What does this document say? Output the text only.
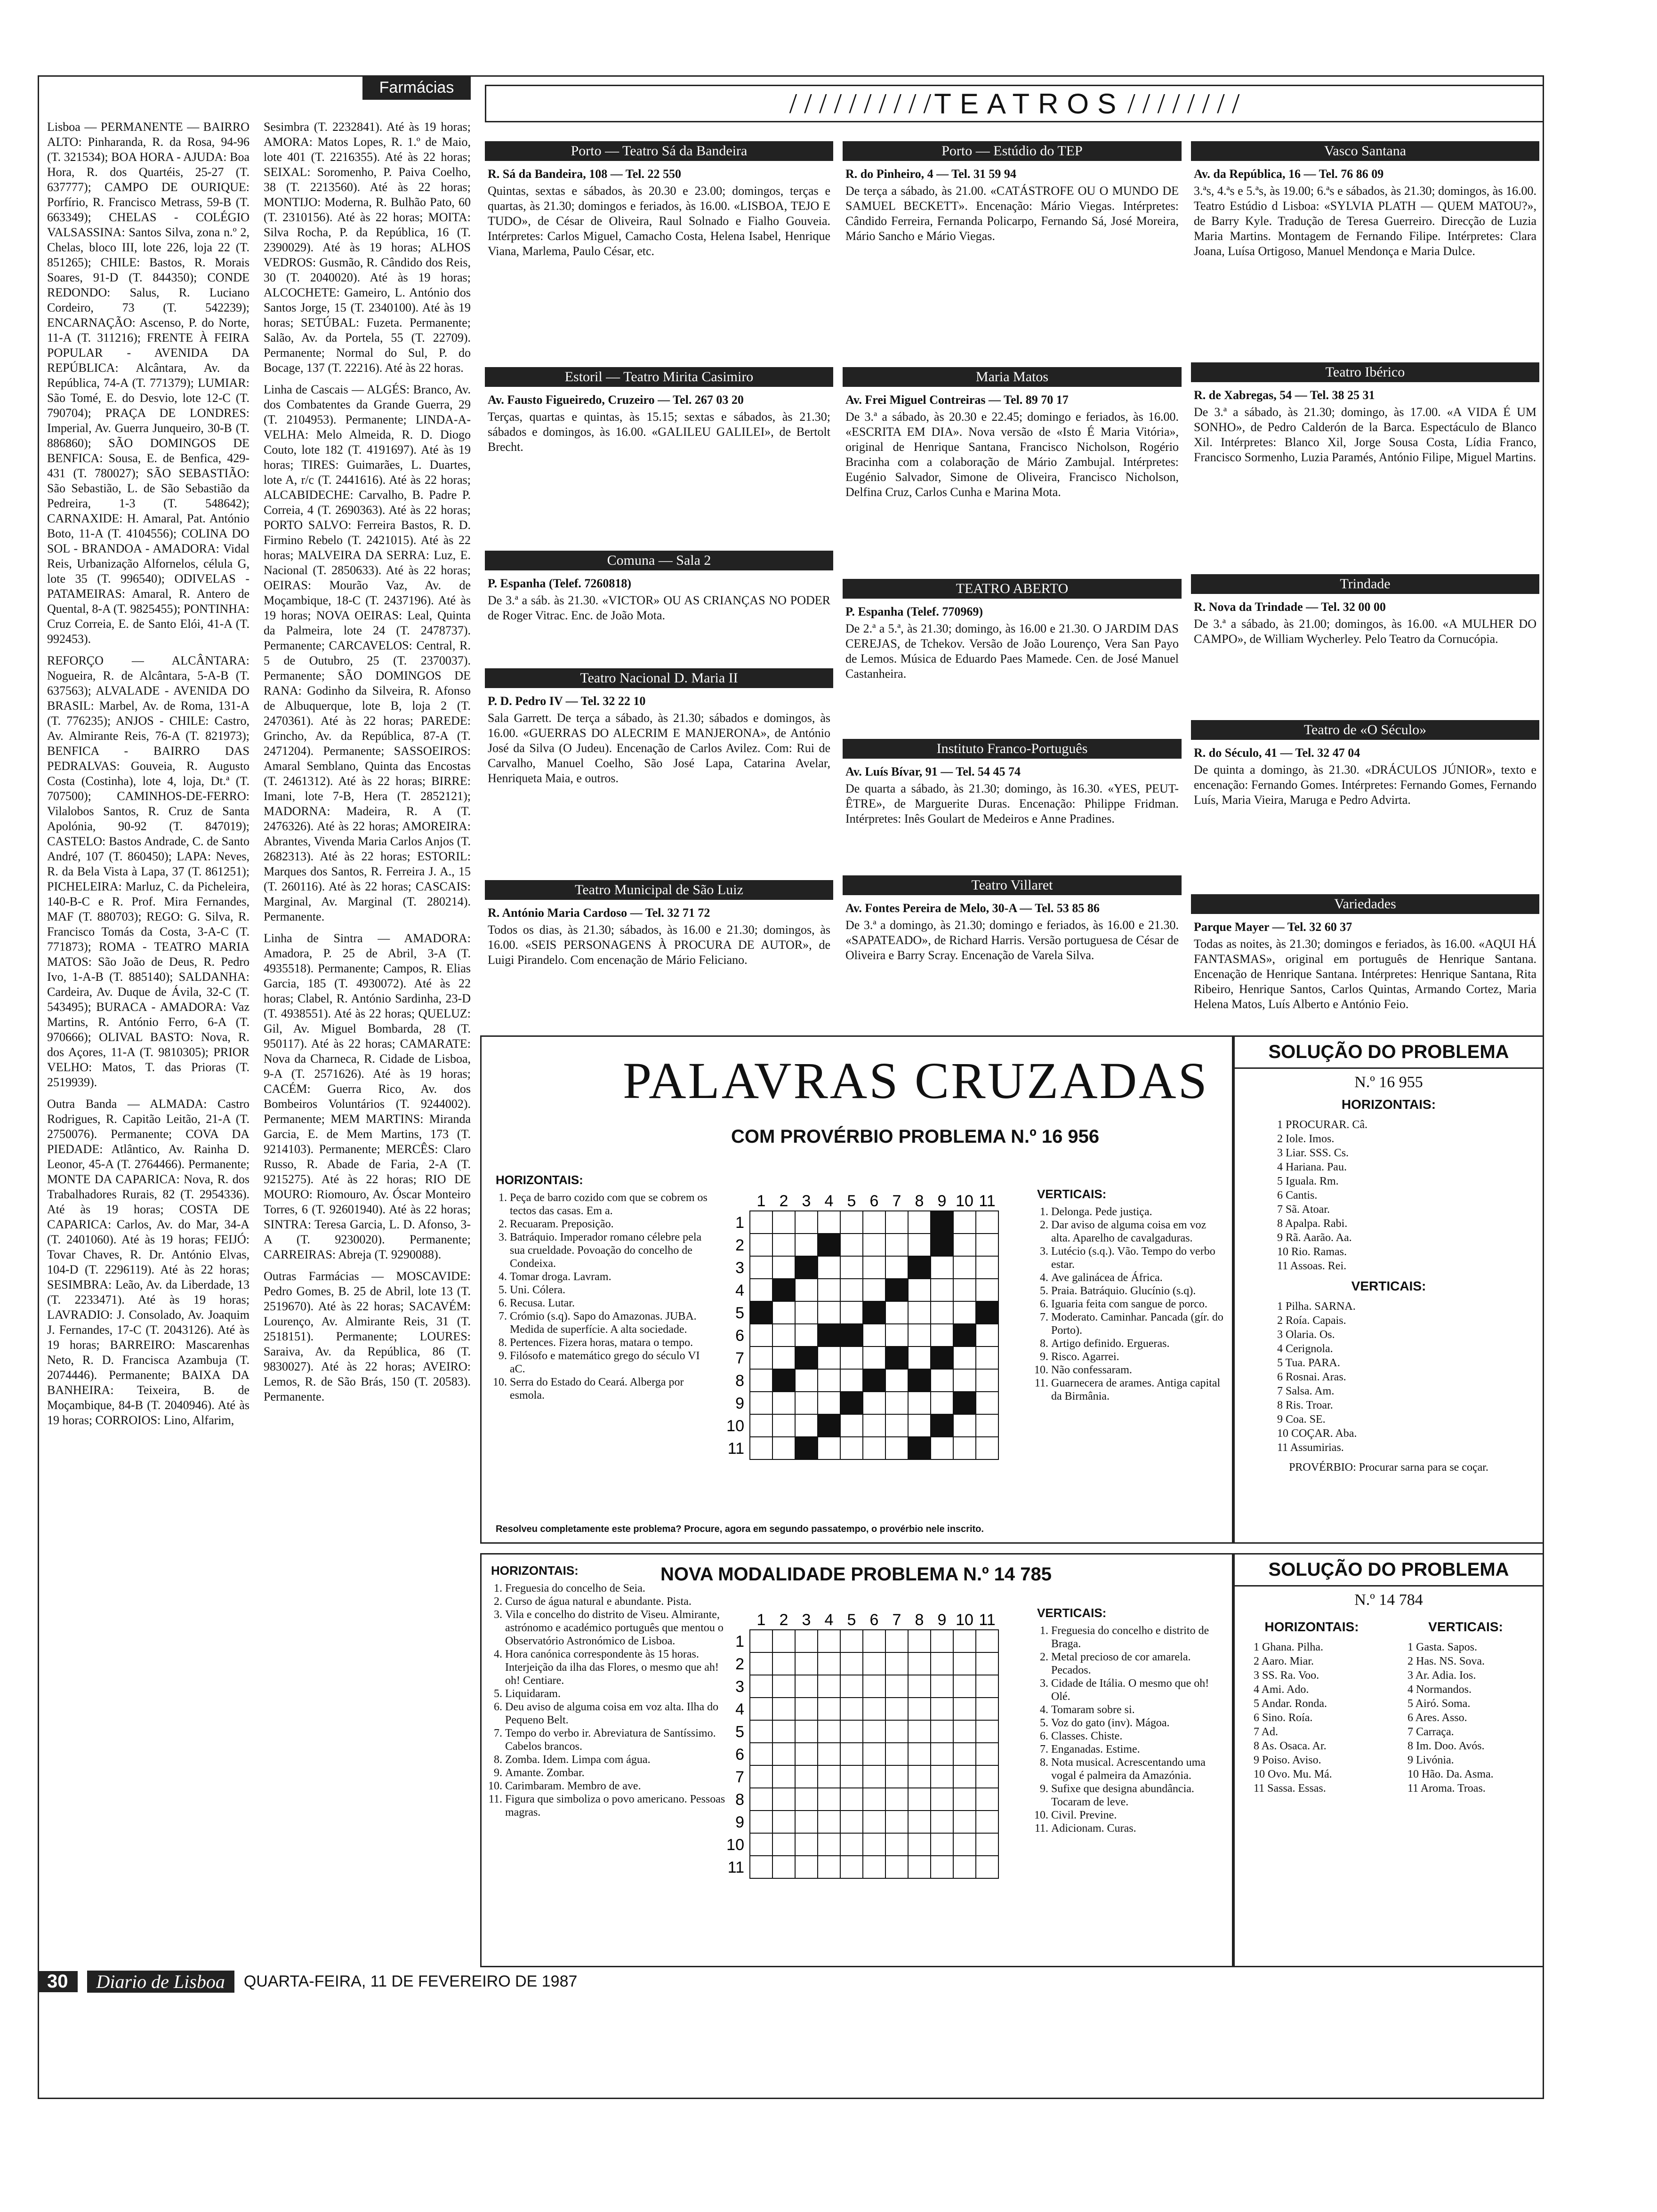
Farmácias

Lisboa — PERMANENTE — BAIRRO ALTO: Pinharanda, R. da Rosa, 94-96 (T. 321534); BOA HORA - AJUDA: Boa Hora, R. dos Quartéis, 25-27 (T. 637777); CAMPO DE OURIQUE: Porfírio, R. Francisco Metrass, 59-B (T. 663349); CHELAS - COLÉGIO VALSASSINA: Santos Silva, zona n.º 2, Chelas, bloco III, lote 226, loja 22 (T. 851265); CHILE: Bastos, R. Morais Soares, 91-D (T. 844350); CONDE REDONDO: Salus, R. Luciano Cordeiro, 73 (T. 542239); ENCARNAÇÃO: Ascenso, P. do Norte, 11-A (T. 311216); FRENTE À FEIRA POPULAR - AVENIDA DA REPÚBLICA: Alcântara, Av. da República, 74-A (T. 771379); LUMIAR: São Tomé, E. do Desvio, lote 12-C (T. 790704); PRAÇA DE LONDRES: Imperial, Av. Guerra Junqueiro, 30-B (T. 886860); SÃO DOMINGOS DE BENFICA: Sousa, E. de Benfica, 429-431 (T. 780027); SÃO SEBASTIÃO: São Sebastião, L. de São Sebastião da Pedreira, 1-3 (T. 548642); CARNAXIDE: H. Amaral, Pat. António Boto, 11-A (T. 4104556); COLINA DO SOL - BRANDOA - AMADORA: Vidal Reis, Urbanização Alfornelos, célula G, lote 35 (T. 996540); ODIVELAS - PATAMEIRAS: Amaral, R. Antero de Quental, 8-A (T. 9825455); PONTINHA: Cruz Correia, E. de Santo Elói, 41-A (T. 992453).

REFORÇO — ALCÂNTARA: Nogueira, R. de Alcântara, 5-A-B (T. 637563); ALVALADE - AVENIDA DO BRASIL: Marbel, Av. de Roma, 131-A (T. 776235); ANJOS - CHILE: Castro, Av. Almirante Reis, 76-A (T. 821973); BENFICA - BAIRRO DAS PEDRALVAS: Gouveia, R. Augusto Costa (Costinha), lote 4, loja, Dt.ª (T. 707500); CAMINHOS-DE-FERRO: Vilalobos Santos, R. Cruz de Santa Apolónia, 90-92 (T. 847019); CASTELO: Bastos Andrade, C. de Santo André, 107 (T. 860450); LAPA: Neves, R. da Bela Vista à Lapa, 37 (T. 861251); PICHELEIRA: Marluz, C. da Picheleira, 140-B-C e R. Prof. Mira Fernandes, MAF (T. 880703); REGO: G. Silva, R. Francisco Tomás da Costa, 3-A-C (T. 771873); ROMA - TEATRO MARIA MATOS: São João de Deus, R. Pedro Ivo, 1-A-B (T. 885140); SALDANHA: Cardeira, Av. Duque de Ávila, 32-C (T. 543495); BURACA - AMADORA: Vaz Martins, R. António Ferro, 6-A (T. 970666); OLIVAL BASTO: Nova, R. dos Açores, 11-A (T. 9810305); PRIOR VELHO: Matos, T. das Prioras (T. 2519939).

Outra Banda — ALMADA: Castro Rodrigues, R. Capitão Leitão, 21-A (T. 2750076). Permanente; COVA DA PIEDADE: Atlântico, Av. Rainha D. Leonor, 45-A (T. 2764466). Permanente; MONTE DA CAPARICA: Nova, R. dos Trabalhadores Rurais, 82 (T. 2954336). Até às 19 horas; COSTA DE CAPARICA: Carlos, Av. do Mar, 34-A (T. 2401060). Até às 19 horas; FEIJÓ: Tovar Chaves, R. Dr. António Elvas, 104-D (T. 2296119). Até às 22 horas; SESIMBRA: Leão, Av. da Liberdade, 13 (T. 2233471). Até às 19 horas; LAVRADIO: J. Consolado, Av. Joaquim J. Fernandes, 17-C (T. 2043126). Até às 19 horas; BARREIRO: Mascarenhas Neto, R. D. Francisca Azambuja (T. 2074446). Permanente; BAIXA DA BANHEIRA: Teixeira, B. de Moçambique, 84-B (T. 2040946). Até às 19 horas; CORROIOS: Lino, Alfarim,

Sesimbra (T. 2232841). Até às 19 horas; AMORA: Matos Lopes, R. 1.º de Maio, lote 401 (T. 2216355). Até às 22 horas; SEIXAL: Soromenho, P. Paiva Coelho, 38 (T. 2213560). Até às 22 horas; MONTIJO: Moderna, R. Bulhão Pato, 60 (T. 2310156). Até às 22 horas; MOITA: Silva Rocha, P. da República, 16 (T. 2390029). Até às 19 horas; ALHOS VEDROS: Gusmão, R. Cândido dos Reis, 30 (T. 2040020). Até às 19 horas; ALCOCHETE: Gameiro, L. António dos Santos Jorge, 15 (T. 2340100). Até às 19 horas; SETÚBAL: Fuzeta. Permanente; Salão, Av. da Portela, 55 (T. 22709). Permanente; Normal do Sul, P. do Bocage, 137 (T. 22216). Até às 22 horas.

Linha de Cascais — ALGÉS: Branco, Av. dos Combatentes da Grande Guerra, 29 (T. 2104953). Permanente; LINDA-A-VELHA: Melo Almeida, R. D. Diogo Couto, lote 182 (T. 4191697). Até às 19 horas; TIRES: Guimarães, L. Duartes, lote A, r/c (T. 2441616). Até às 22 horas; ALCABIDECHE: Carvalho, B. Padre P. Correia, 4 (T. 2690363). Até às 22 horas; PORTO SALVO: Ferreira Bastos, R. D. Firmino Rebelo (T. 2421015). Até às 22 horas; MALVEIRA DA SERRA: Luz, E. Nacional (T. 2850633). Até às 22 horas; OEIRAS: Mourão Vaz, Av. de Moçambique, 18-C (T. 2437196). Até às 19 horas; NOVA OEIRAS: Leal, Quinta da Palmeira, lote 24 (T. 2478737). Permanente; CARCAVELOS: Central, R. 5 de Outubro, 25 (T. 2370037). Permanente; SÃO DOMINGOS DE RANA: Godinho da Silveira, R. Afonso de Albuquerque, lote B, loja 2 (T. 2470361). Até às 22 horas; PAREDE: Grincho, Av. da República, 87-A (T. 2471204). Permanente; SASSOEIROS: Amaral Semblano, Quinta das Encostas (T. 2461312). Até às 22 horas; BIRRE: Imani, lote 7-B, Hera (T. 2852121); MADORNA: Madeira, R. A (T. 2476326). Até às 22 horas; AMOREIRA: Abrantes, Vivenda Maria Carlos Anjos (T. 2682313). Até às 22 horas; ESTORIL: Marques dos Santos, R. Ferreira J. A., 15 (T. 260116). Até às 22 horas; CASCAIS: Marginal, Av. Marginal (T. 280214). Permanente.

Linha de Sintra — AMADORA: Amadora, P. 25 de Abril, 3-A (T. 4935518). Permanente; Campos, R. Elias Garcia, 185 (T. 4930072). Até às 22 horas; Clabel, R. António Sardinha, 23-D (T. 4938551). Até às 22 horas; QUELUZ: Gil, Av. Miguel Bombarda, 28 (T. 950117). Até às 22 horas; CAMARATE: Nova da Charneca, R. Cidade de Lisboa, 9-A (T. 2571626). Até às 19 horas; CACÉM: Guerra Rico, Av. dos Bombeiros Voluntários (T. 9244002). Permanente; MEM MARTINS: Miranda Garcia, E. de Mem Martins, 173 (T. 9214103). Permanente; MERCÊS: Claro Russo, R. Abade de Faria, 2-A (T. 9215275). Até às 22 horas; RIO DE MOURO: Riomouro, Av. Óscar Monteiro Torres, 6 (T. 92601940). Até às 22 horas; SINTRA: Teresa Garcia, L. D. Afonso, 3-A (T. 9230020). Permanente; CARREIRAS: Abreja (T. 9290088).

Outras Farmácias — MOSCAVIDE: Pedro Gomes, B. 25 de Abril, lote 13 (T. 2519670). Até às 22 horas; SACAVÉM: Lourenço, Av. Almirante Reis, 31 (T. 2518151). Permanente; LOURES: Saraiva, Av. da República, 86 (T. 9830027). Até às 22 horas; AVEIRO: Lemos, R. de São Brás, 150 (T. 20583). Permanente.

/ / / / / / / / / / TEATROS / / / / / / / /
Porto — Teatro Sá da Bandeira
R. Sá da Bandeira, 108 — Tel. 22 550
Quintas, sextas e sábados, às 20.30 e 23.00; domingos, terças e quartas, às 21.30; domingos e feriados, às 16.00. «LISBOA, TEJO E TUDO», de César de Oliveira, Raul Solnado e Fialho Gouveia. Intérpretes: Carlos Miguel, Camacho Costa, Helena Isabel, Henrique Viana, Marlema, Paulo César, etc.
Porto — Estúdio do TEP
R. do Pinheiro, 4 — Tel. 31 59 94
De terça a sábado, às 21.00. «CATÁSTROFE OU O MUNDO DE SAMUEL BECKETT». Encenação: Mário Viegas. Intérpretes: Cândido Ferreira, Fernanda Policarpo, Fernando Sá, José Moreira, Mário Sancho e Mário Viegas.
Vasco Santana
Av. da República, 16 — Tel. 76 86 09
3.ªs, 4.ªs e 5.ªs, às 19.00; 6.ªs e sábados, às 21.30; domingos, às 16.00. Teatro Estúdio d Lisboa: «SYLVIA PLATH — QUEM MATOU?», de Barry Kyle. Tradução de Teresa Guerreiro. Direcção de Luzia Maria Martins. Montagem de Fernando Filipe. Intérpretes: Clara Joana, Luísa Ortigoso, Manuel Mendonça e Maria Dulce.
Maria Matos
Av. Frei Miguel Contreiras — Tel. 89 70 17
De 3.ª a sábado, às 20.30 e 22.45; domingo e feriados, às 16.00. «ESCRITA EM DIA». Nova versão de «Isto É Maria Vitória», original de Henrique Santana, Francisco Nicholson, Rogério Bracinha com a colaboração de Mário Zambujal. Intérpretes: Eugénio Salvador, Simone de Oliveira, Francisco Nicholson, Delfina Cruz, Carlos Cunha e Marina Mota.
Teatro Ibérico
R. de Xabregas, 54 — Tel. 38 25 31
De 3.ª a sábado, às 21.30; domingo, às 17.00. «A VIDA É UM SONHO», de Pedro Calderón de la Barca. Espectáculo de Blanco Xil. Intérpretes: Blanco Xil, Jorge Sousa Costa, Lídia Franco, Francisco Sormenho, Luzia Paramés, António Filipe, Miguel Martins.
Estoril — Teatro Mirita Casimiro
Av. Fausto Figueiredo, Cruzeiro — Tel. 267 03 20
Terças, quartas e quintas, às 15.15; sextas e sábados, às 21.30; sábados e domingos, às 16.00. «GALILEU GALILEI», de Bertolt Brecht.
Comuna — Sala 2
P. Espanha (Telef. 7260818)
De 3.ª a sáb. às 21.30. «VICTOR» OU AS CRIANÇAS NO PODER de Roger Vitrac. Enc. de João Mota.
TEATRO ABERTO
P. Espanha (Telef. 770969)
De 2.ª a 5.ª, às 21.30; domingo, às 16.00 e 21.30. O JARDIM DAS CEREJAS, de Tchekov. Versão de João Lourenço, Vera San Payo de Lemos. Música de Eduardo Paes Mamede. Cen. de José Manuel Castanheira.
Trindade
R. Nova da Trindade — Tel. 32 00 00
De 3.ª a sábado, às 21.00; domingos, às 16.00. «A MULHER DO CAMPO», de William Wycherley. Pelo Teatro da Cornucópia.
Teatro Nacional D. Maria II
P. D. Pedro IV — Tel. 32 22 10
Sala Garrett. De terça a sábado, às 21.30; sábados e domingos, às 16.00. «GUERRAS DO ALECRIM E MANJERONA», de António José da Silva (O Judeu). Encenação de Carlos Avilez. Com: Rui de Carvalho, Manuel Coelho, São José Lapa, Catarina Avelar, Henriqueta Maia, e outros.
Instituto Franco-Português
Av. Luís Bívar, 91 — Tel. 54 45 74
De quarta a sábado, às 21.30; domingo, às 16.30. «YES, PEUT-ÊTRE», de Marguerite Duras. Encenação: Philippe Fridman. Intérpretes: Inês Goulart de Medeiros e Anne Pradines.
Teatro de «O Século»
R. do Século, 41 — Tel. 32 47 04
De quinta a domingo, às 21.30. «DRÁCULOS JÚNIOR», texto e encenação: Fernando Gomes. Intérpretes: Fernando Gomes, Fernando Luís, Maria Vieira, Maruga e Pedro Advirta.
Teatro Municipal de São Luiz
R. António Maria Cardoso — Tel. 32 71 72
Todos os dias, às 21.30; sábados, às 16.00 e 21.30; domingos, às 16.00. «SEIS PERSONAGENS À PROCURA DE AUTOR», de Luigi Pirandelo. Com encenação de Mário Feliciano.
Teatro Villaret
Av. Fontes Pereira de Melo, 30-A — Tel. 53 85 86
De 3.ª a domingo, às 21.30; domingo e feriados, às 16.00 e 21.30. «SAPATEADO», de Richard Harris. Versão portuguesa de César de Oliveira e Barry Scray. Encenação de Varela Silva.
Variedades
Parque Mayer — Tel. 32 60 37
Todas as noites, às 21.30; domingos e feriados, às 16.00. «AQUI HÁ FANTASMAS», original em português de Henrique Santana. Encenação de Henrique Santana. Intérpretes: Henrique Santana, Rita Ribeiro, Henrique Santos, Carlos Quintas, Armando Cortez, Maria Helena Matos, Luís Alberto e António Feio.
PALAVRAS CRUZADAS
COM PROVÉRBIO PROBLEMA N.º 16 956
HORIZONTAIS:
1. Peça de barro cozido com que se cobrem os tectos das casas. Em a.
2. Recuaram. Preposição.
3. Batráquio. Imperador romano célebre pela sua crueldade. Povoação do concelho de Condeixa.
4. Tomar droga. Lavram.
5. Uni. Cólera.
6. Recusa. Lutar.
7. Crómio (s.q). Sapo do Amazonas. JUBA. Medida de superfície. A alta sociedade.
8. Pertences. Fizera horas, matara o tempo.
9. Filósofo e matemático grego do século VI aC.
10. Serra do Estado do Ceará. Alberga por esmola.
1
1
2
2
3
3
4
4
5
5
6
6
7
7
8
8
9
9
10
10
11
11
VERTICAIS:
1. Delonga. Pede justiça.
2. Dar aviso de alguma coisa em voz alta. Aparelho de cavalgaduras.
3. Lutécio (s.q.). Vão. Tempo do verbo estar.
4. Ave galinácea de África.
5. Praia. Batráquio. Glucínio (s.q).
6. Iguaria feita com sangue de porco.
7. Moderato. Caminhar. Pancada (gír. do Porto).
8. Artigo definido. Ergueras.
9. Risco. Agarrei.
10. Não confessaram.
11. Guarnecera de arames. Antiga capital da Birmânia.
Resolveu completamente este problema? Procure, agora em segundo passatempo, o provérbio nele inscrito.
SOLUÇÃO DO PROBLEMA
N.º 16 955
HORIZONTAIS:
1 PROCURAR. Câ.
2 Iole. Imos.
3 Liar. SSS. Cs.
4 Hariana. Pau.
5 Iguala. Rm.
6 Cantis.
7 Sã. Atoar.
8 Apalpa. Rabi.
9 Rã. Aarão. Aa.
10 Rio. Ramas.
11 Assoas. Rei.
VERTICAIS:
1 Pilha. SARNA.
2 Roía. Capais.
3 Olaria. Os.
4 Cerignola.
5 Tua. PARA.
6 Rosnai. Aras.
7 Salsa. Am.
8 Ris. Troar.
9 Coa. SE.
10 COÇAR. Aba.
11 Assumirias.
PROVÉRBIO: Procurar sarna para se coçar.
HORIZONTAIS:
1. Freguesia do concelho de Seia.
2. Curso de água natural e abundante. Pista.
3. Vila e concelho do distrito de Viseu. Almirante, astrónomo e académico português que mentou o Observatório Astronómico de Lisboa.
4. Hora canónica correspondente às 15 horas. Interjeição da ilha das Flores, o mesmo que ah! oh! Centiare.
5. Liquidaram.
6. Deu aviso de alguma coisa em voz alta. Ilha do Pequeno Belt.
7. Tempo do verbo ir. Abreviatura de Santíssimo. Cabelos brancos.
8. Zomba. Idem. Limpa com água.
9. Amante. Zombar.
10. Carimbaram. Membro de ave.
11. Figura que simboliza o povo americano. Pessoas magras.
NOVA MODALIDADE PROBLEMA N.º 14 785
1
1
2
2
3
3
4
4
5
5
6
6
7
7
8
8
9
9
10
10
11
11
VERTICAIS:
1. Freguesia do concelho e distrito de Braga.
2. Metal precioso de cor amarela. Pecados.
3. Cidade de Itália. O mesmo que oh! Olé.
4. Tomaram sobre si.
5. Voz do gato (inv). Mágoa.
6. Classes. Chiste.
7. Enganadas. Estime.
8. Nota musical. Acrescentando uma vogal é palmeira da Amazónia.
9. Sufixe que designa abundância. Tocaram de leve.
10. Civil. Previne.
11. Adicionam. Curas.
SOLUÇÃO DO PROBLEMA
N.º 14 784
HORIZONTAIS:
1 Ghana. Pilha.
2 Aaro. Miar.
3 SS. Ra. Voo.
4 Ami. Ado.
5 Andar. Ronda.
6 Sino. Roía.
7 Ad.
8 As. Osaca. Ar.
9 Poiso. Aviso.
10 Ovo. Mu. Má.
11 Sassa. Essas.
VERTICAIS:
1 Gasta. Sapos.
2 Has. NS. Sova.
3 Ar. Adia. Ios.
4 Normandos.
5 Airó. Soma.
6 Ares. Asso.
7 Carraça.
8 Im. Doo. Avós.
9 Livónia.
10 Hão. Da. Asma.
11 Aroma. Troas.
30	Diario de Lisboa	QUARTA-FEIRA, 11 DE FEVEREIRO DE 1987
